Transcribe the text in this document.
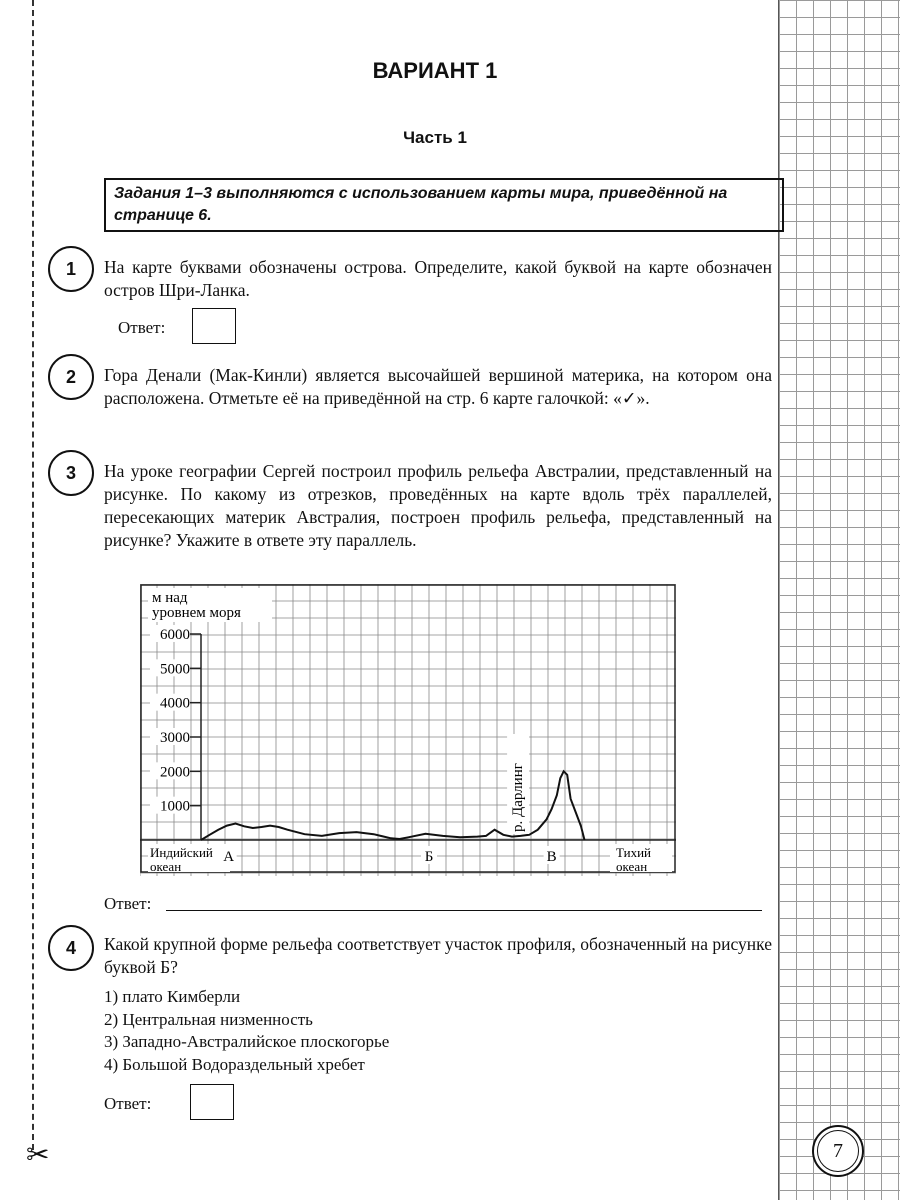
✂	7
ВАРИАНТ 1
Часть 1
Задания 1–3 выполняются с использованием карты мира, приведённой на странице 6.
1	На карте буквами обозначены острова. Определите, какой буквой на карте обозначен остров Шри-Ланка.
Ответ:
2	Гора Денали (Мак-Кинли) является высочайшей вершиной материка, на котором она расположена. Отметьте её на приведённой на стр. 6 карте галочкой: «✓».
3	На уроке географии Сергей построил профиль рельефа Австралии, представленный на рисунке. По какому из отрезков, проведённых на карте вдоль трёх параллелей, пересекающих материк Австралия, построен профиль рельефа, представленный на рисунке? Укажите в ответе эту параллель.
м над
уровнем моря
1000
2000
3000
4000
5000
6000
Индийский
океан
Тихий
океан
А	Б	В
р. Дарлинг
Ответ:
4	Какой крупной форме рельефа соответствует участок профиля, обозначенный на рисунке буквой Б?
1) плато Кимберли
2) Центральная низменность
3) Западно-Австралийское плоскогорье
4) Большой Водораздельный хребет
Ответ:
